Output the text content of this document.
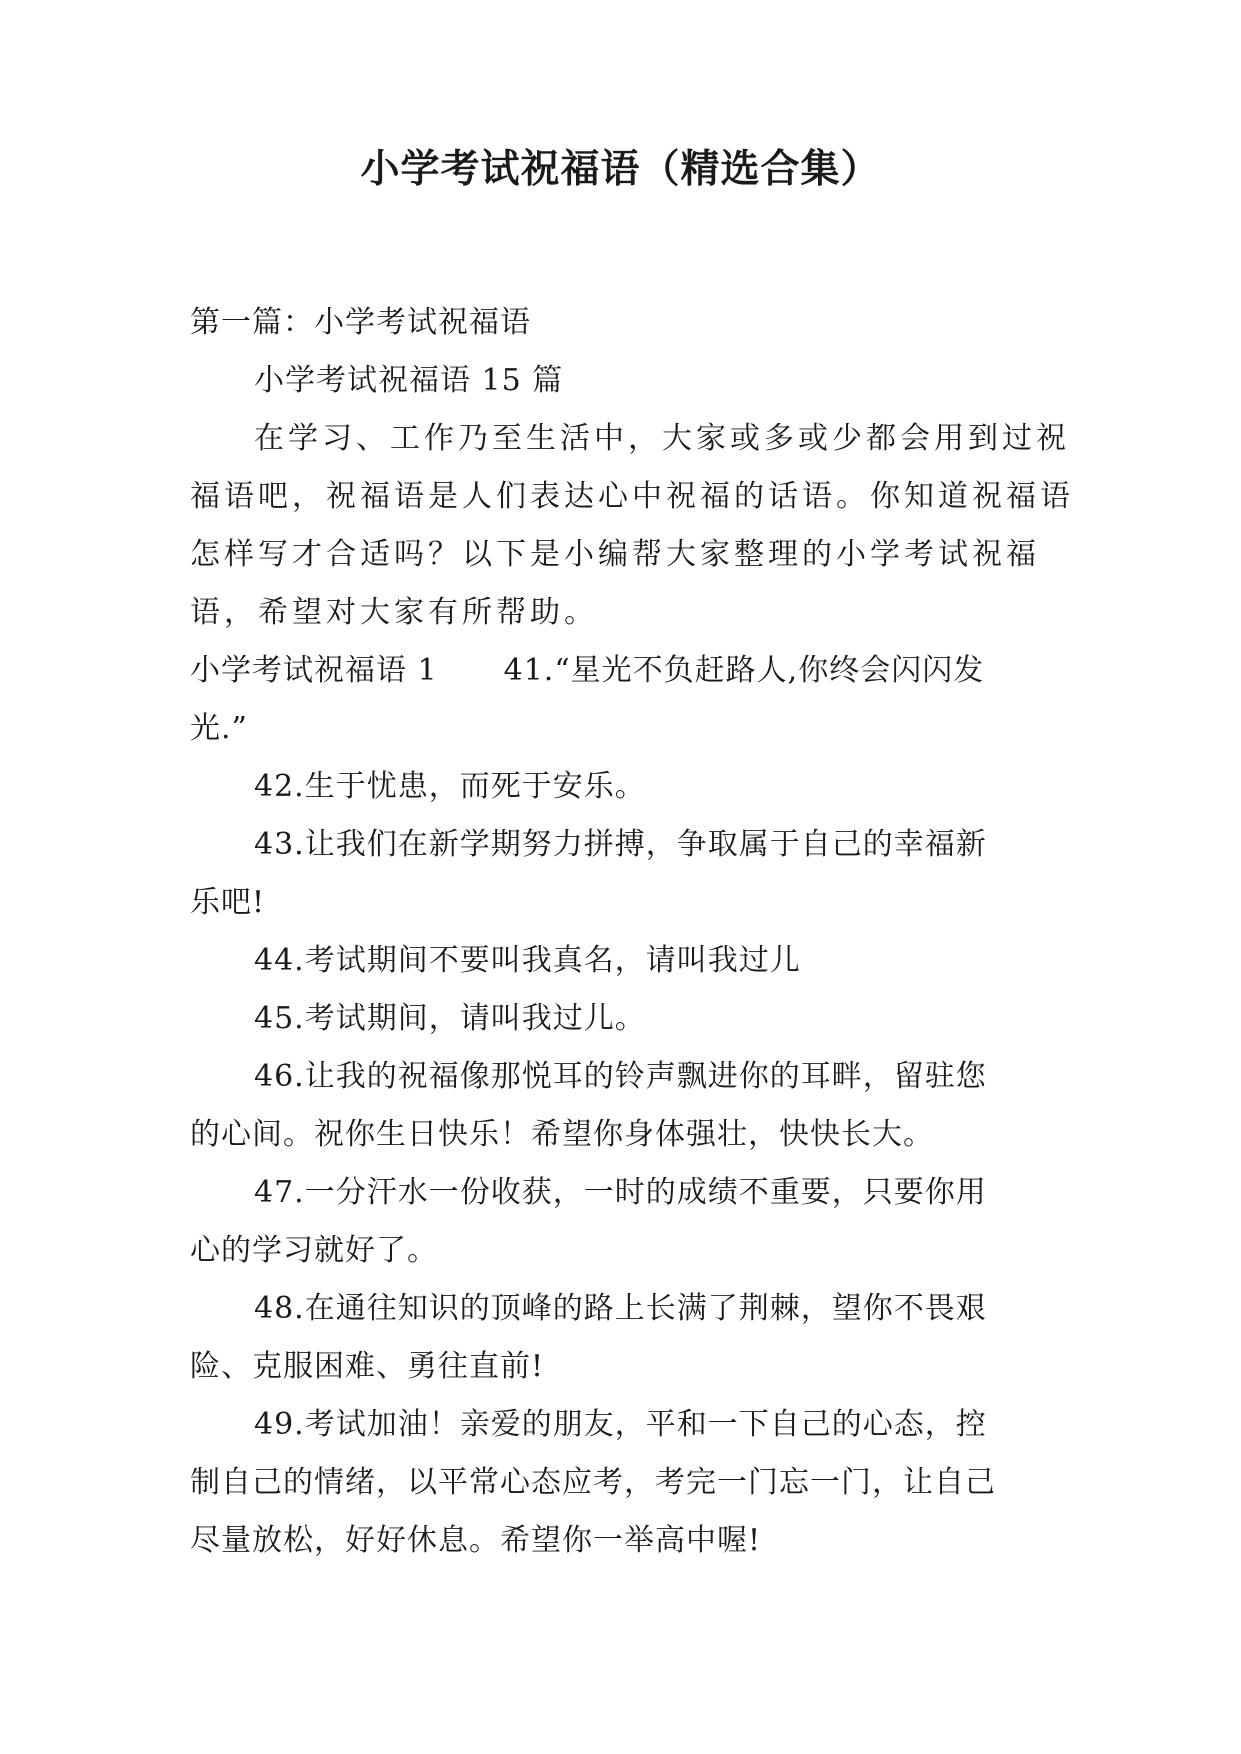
小学考试祝福语（精选合集）
第一篇：小学考试祝福语
小学考试祝福语 15 篇
在学习、工作乃至生活中，大家或多或少都会用到过祝
福语吧，祝福语是人们表达心中祝福的话语。你知道祝福语
怎样写才合适吗？以下是小编帮大家整理的小学考试祝福
语，希望对大家有所帮助。
小学考试祝福语 1 41.“星光不负赶路人,你终会闪闪发
光.”
42.生于忧患，而死于安乐。
43.让我们在新学期努力拼搏，争取属于自己的幸福新
乐吧!
44.考试期间不要叫我真名，请叫我过儿
45.考试期间，请叫我过儿。
46.让我的祝福像那悦耳的铃声飘进你的耳畔，留驻您
的心间。祝你生日快乐！希望你身体强壮，快快长大。
47.一分汗水一份收获，一时的成绩不重要，只要你用
心的学习就好了。
48.在通往知识的顶峰的路上长满了荆棘，望你不畏艰
险、克服困难、勇往直前!
49.考试加油！亲爱的朋友，平和一下自己的心态，控
制自己的情绪，以平常心态应考，考完一门忘一门，让自己
尽量放松，好好休息。希望你一举高中喔!
